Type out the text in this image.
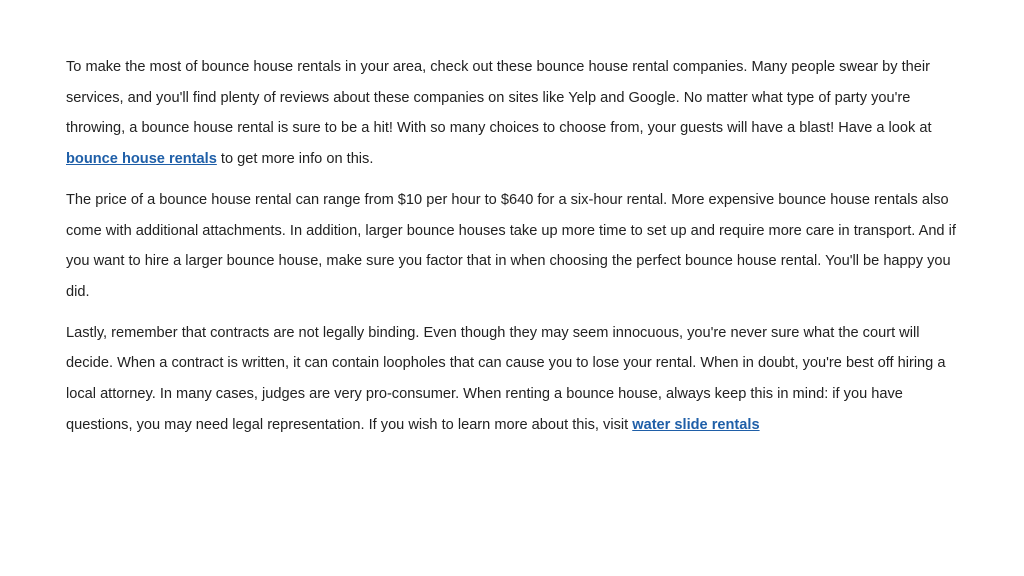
To make the most of bounce house rentals in your area, check out these bounce house rental companies. Many people swear by their services, and you'll find plenty of reviews about these companies on sites like Yelp and Google. No matter what type of party you're throwing, a bounce house rental is sure to be a hit! With so many choices to choose from, your guests will have a blast! Have a look at bounce house rentals to get more info on this.

The price of a bounce house rental can range from $10 per hour to $640 for a six-hour rental. More expensive bounce house rentals also come with additional attachments. In addition, larger bounce houses take up more time to set up and require more care in transport. And if you want to hire a larger bounce house, make sure you factor that in when choosing the perfect bounce house rental. You'll be happy you did.

Lastly, remember that contracts are not legally binding. Even though they may seem innocuous, you're never sure what the court will decide. When a contract is written, it can contain loopholes that can cause you to lose your rental. When in doubt, you're best off hiring a local attorney. In many cases, judges are very pro-consumer. When renting a bounce house, always keep this in mind: if you have questions, you may need legal representation. If you wish to learn more about this, visit water slide rentals
